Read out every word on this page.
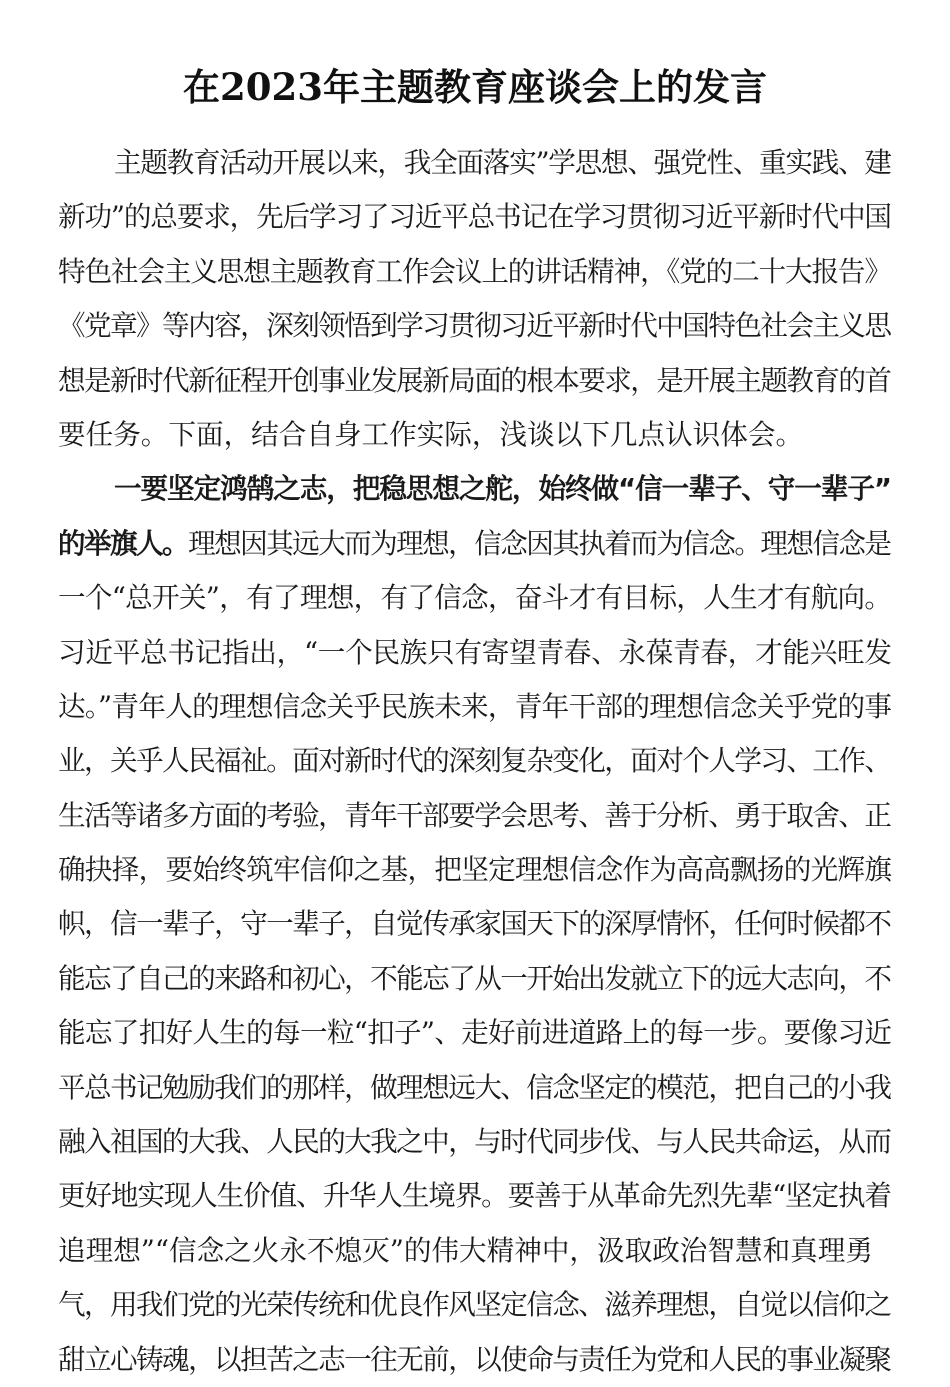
在2023年主题教育座谈会上的发言
主题教育活动开展以来，我全面落实”学思想、强党性、重实践、建
新功”的总要求，先后学习了习近平总书记在学习贯彻习近平新时代中国
特色社会主义思想主题教育工作会议上的讲话精神，《党的二十大报告》
《党章》等内容，深刻领悟到学习贯彻习近平新时代中国特色社会主义思
想是新时代新征程开创事业发展新局面的根本要求，是开展主题教育的首
要任务。下面，结合自身工作实际，浅谈以下几点认识体会。
一要坚定鸿鹄之志，把稳思想之舵，始终做“信一辈子、守一辈子”
的举旗人。理想因其远大而为理想，信念因其执着而为信念。理想信念是
一个“总开关”，有了理想，有了信念，奋斗才有目标，人生才有航向。
习近平总书记指出，“一个民族只有寄望青春、永葆青春，才能兴旺发
达。”青年人的理想信念关乎民族未来，青年干部的理想信念关乎党的事
业，关乎人民福祉。面对新时代的深刻复杂变化，面对个人学习、工作、
生活等诸多方面的考验，青年干部要学会思考、善于分析、勇于取舍、正
确抉择，要始终筑牢信仰之基，把坚定理想信念作为高高飘扬的光辉旗
帜，信一辈子，守一辈子，自觉传承家国天下的深厚情怀，任何时候都不
能忘了自己的来路和初心，不能忘了从一开始出发就立下的远大志向，不
能忘了扣好人生的每一粒“扣子”、走好前进道路上的每一步。要像习近
平总书记勉励我们的那样，做理想远大、信念坚定的模范，把自己的小我
融入祖国的大我、人民的大我之中，与时代同步伐、与人民共命运，从而
更好地实现人生价值、升华人生境界。要善于从革命先烈先辈“坚定执着
追理想”“信念之火永不熄灭”的伟大精神中，汲取政治智慧和真理勇
气，用我们党的光荣传统和优良作风坚定信念、滋养理想，自觉以信仰之
甜立心铸魂，以担苦之志一往无前，以使命与责任为党和人民的事业凝聚
